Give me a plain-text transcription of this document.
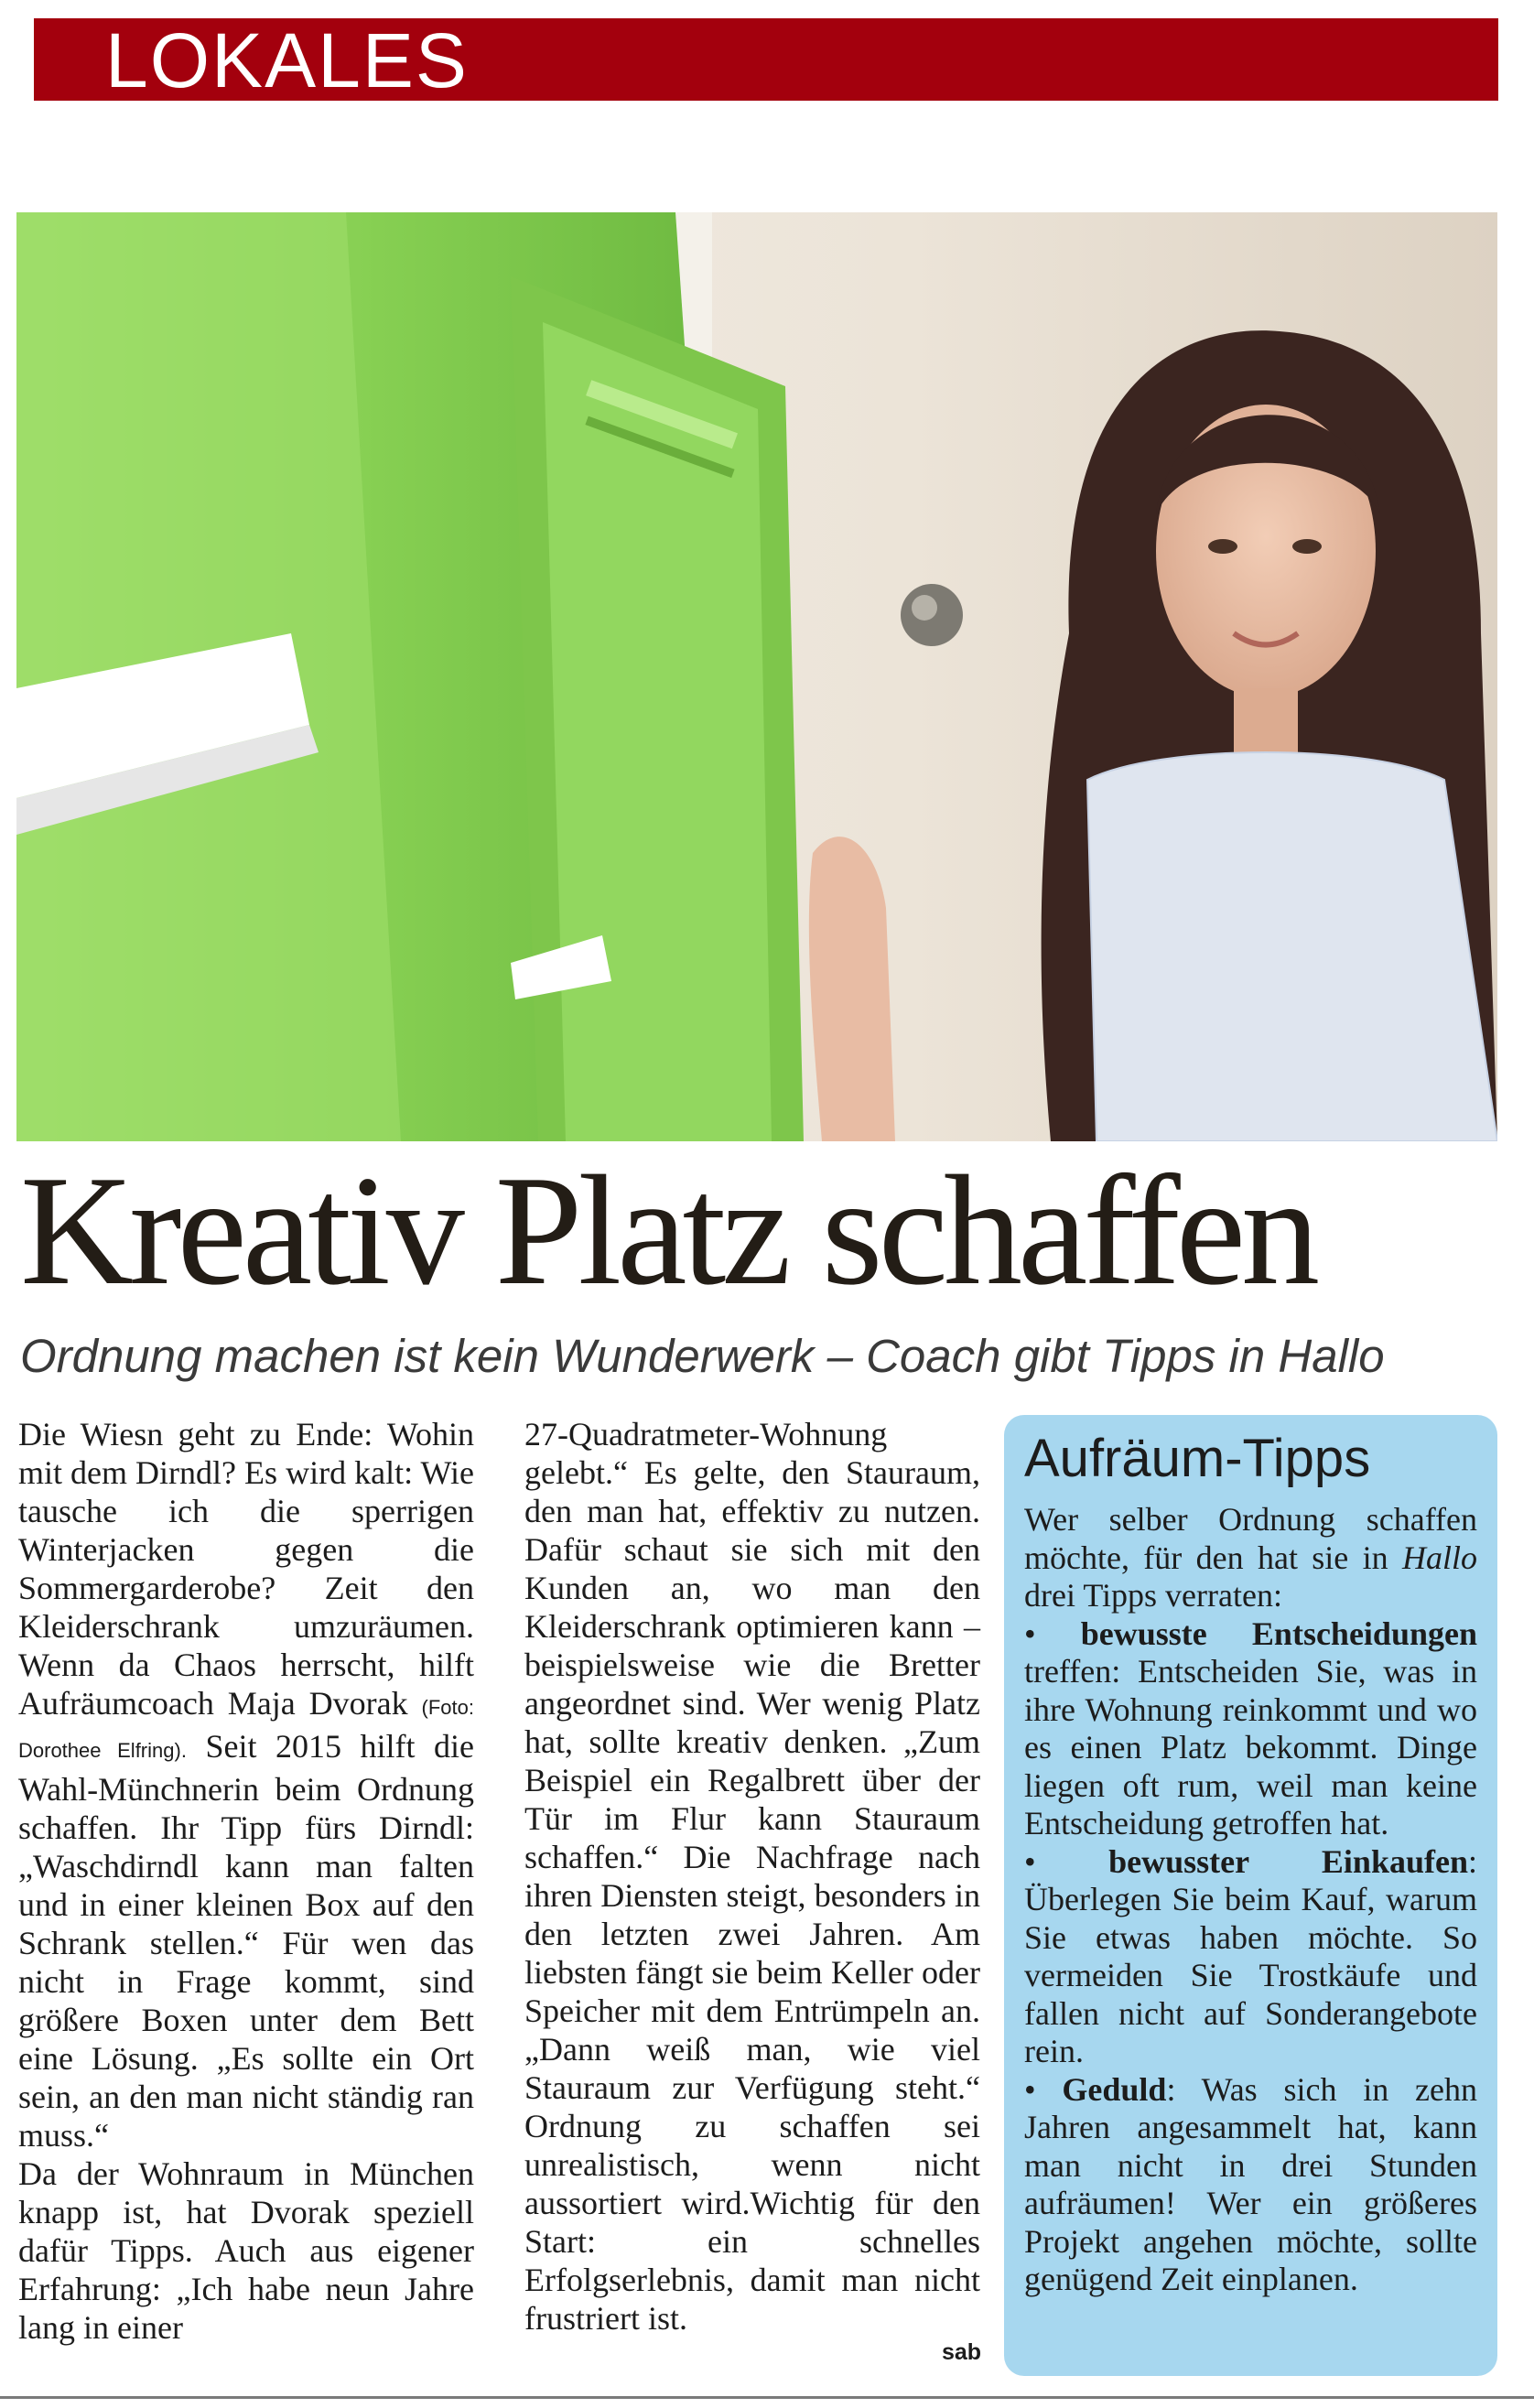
LOKALES
Kreativ Platz schaffen

Ordnung machen ist kein Wunderwerk – Coach gibt Tipps in Hallo

Die Wiesn geht zu Ende: Wohin mit dem Dirndl? Es wird kalt: Wie tausche ich die sperrigen Winterjacken gegen die Sommergarderobe? Zeit den Kleiderschrank umzuräumen. Wenn da Chaos herrscht, hilft Aufräumcoach Maja Dvorak (Foto: Dorothee Elfring). Seit 2015 hilft die Wahl-Münchnerin beim Ordnung schaffen. Ihr Tipp fürs Dirndl: „Waschdirndl kann man falten und in einer kleinen Box auf den Schrank stellen.“ Für wen das nicht in Frage kommt, sind größere Boxen unter dem Bett eine Lösung. „Es sollte ein Ort sein, an den man nicht ständig ran muss.“

Da der Wohnraum in München knapp ist, hat Dvorak speziell dafür Tipps. Auch aus eigener Erfahrung: „Ich habe neun Jahre lang in einer

27-Quadratmeter-Wohnung gelebt.“ Es gelte, den Stauraum, den man hat, effektiv zu nutzen. Dafür schaut sie sich mit den Kunden an, wo man den Kleiderschrank optimieren kann – beispielsweise wie die Bretter angeordnet sind. Wer wenig Platz hat, sollte kreativ denken. „Zum Beispiel ein Regalbrett über der Tür im Flur kann Stauraum schaffen.“ Die Nachfrage nach ihren Diensten steigt, besonders in den letzten zwei Jahren. Am liebsten fängt sie beim Keller oder Speicher mit dem Entrümpeln an. „Dann weiß man, wie viel Stauraum zur Verfügung steht.“ Ordnung zu schaffen sei unrealistisch, wenn nicht aussortiert wird.Wichtig für den Start: ein schnelles Erfolgserlebnis, damit man nicht frustriert ist.

sab
Aufräum-Tipps

Wer selber Ordnung schaffen möchte, für den hat sie in Hallo drei Tipps verraten:

• bewusste Entscheidungen treffen: Entscheiden Sie, was in ihre Wohnung reinkommt und wo es einen Platz bekommt. Dinge liegen oft rum, weil man keine Entscheidung getroffen hat.

• bewusster Einkaufen: Überlegen Sie beim Kauf, warum Sie etwas haben möchte. So vermeiden Sie Trostkäufe und fallen nicht auf Sonderangebote rein.

• Geduld: Was sich in zehn Jahren angesammelt hat, kann man nicht in drei Stunden aufräumen! Wer ein größeres Projekt angehen möchte, sollte genügend Zeit einplanen.
